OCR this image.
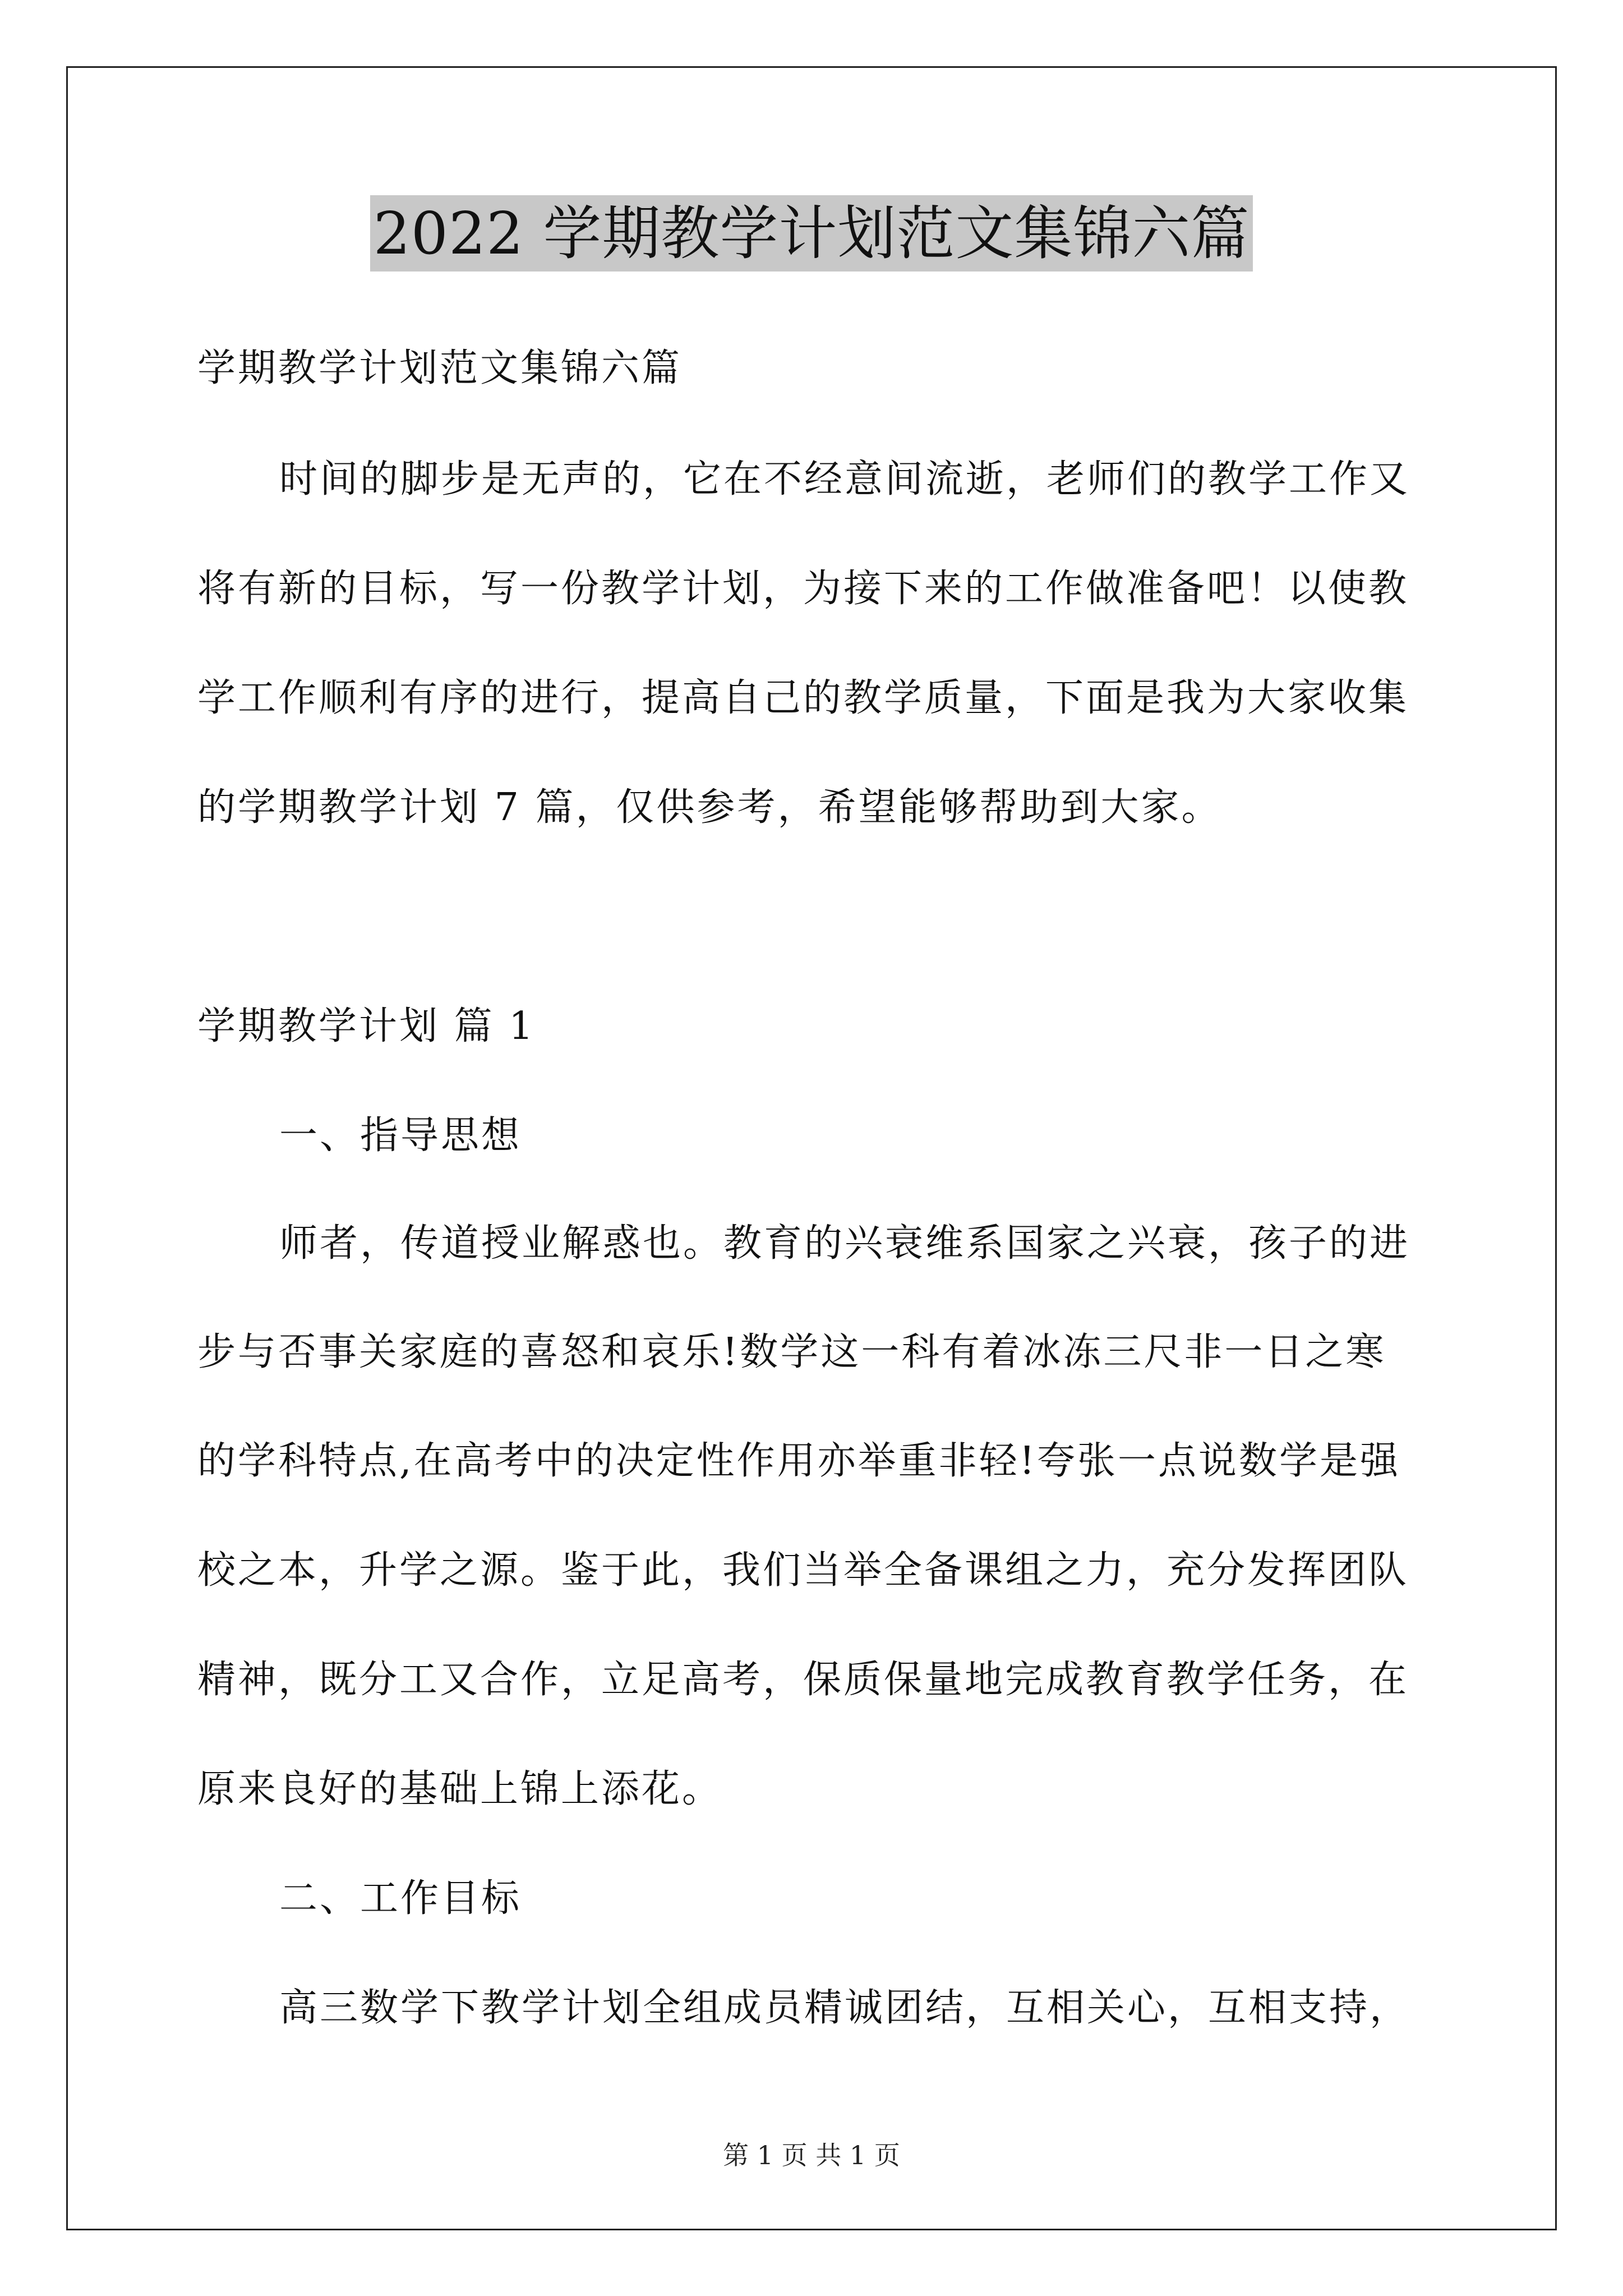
2022 学期教学计划范文集锦六篇
学期教学计划范文集锦六篇
时间的脚步是无声的，它在不经意间流逝，老师们的教学工作又
将有新的目标，写一份教学计划，为接下来的工作做准备吧！以使教
学工作顺利有序的进行，提高自己的教学质量，下面是我为大家收集
的学期教学计划 7 篇，仅供参考，希望能够帮助到大家。
学期教学计划 篇 1
一、指导思想
师者，传道授业解惑也。教育的兴衰维系国家之兴衰，孩子的进
步与否事关家庭的喜怒和哀乐!数学这一科有着冰冻三尺非一日之寒
的学科特点,在高考中的决定性作用亦举重非轻!夸张一点说数学是强
校之本，升学之源。鉴于此，我们当举全备课组之力，充分发挥团队
精神，既分工又合作，立足高考，保质保量地完成教育教学任务，在
原来良好的基础上锦上添花。
二、工作目标
高三数学下教学计划全组成员精诚团结，互相关心，互相支持，
第 1 页 共 1 页
